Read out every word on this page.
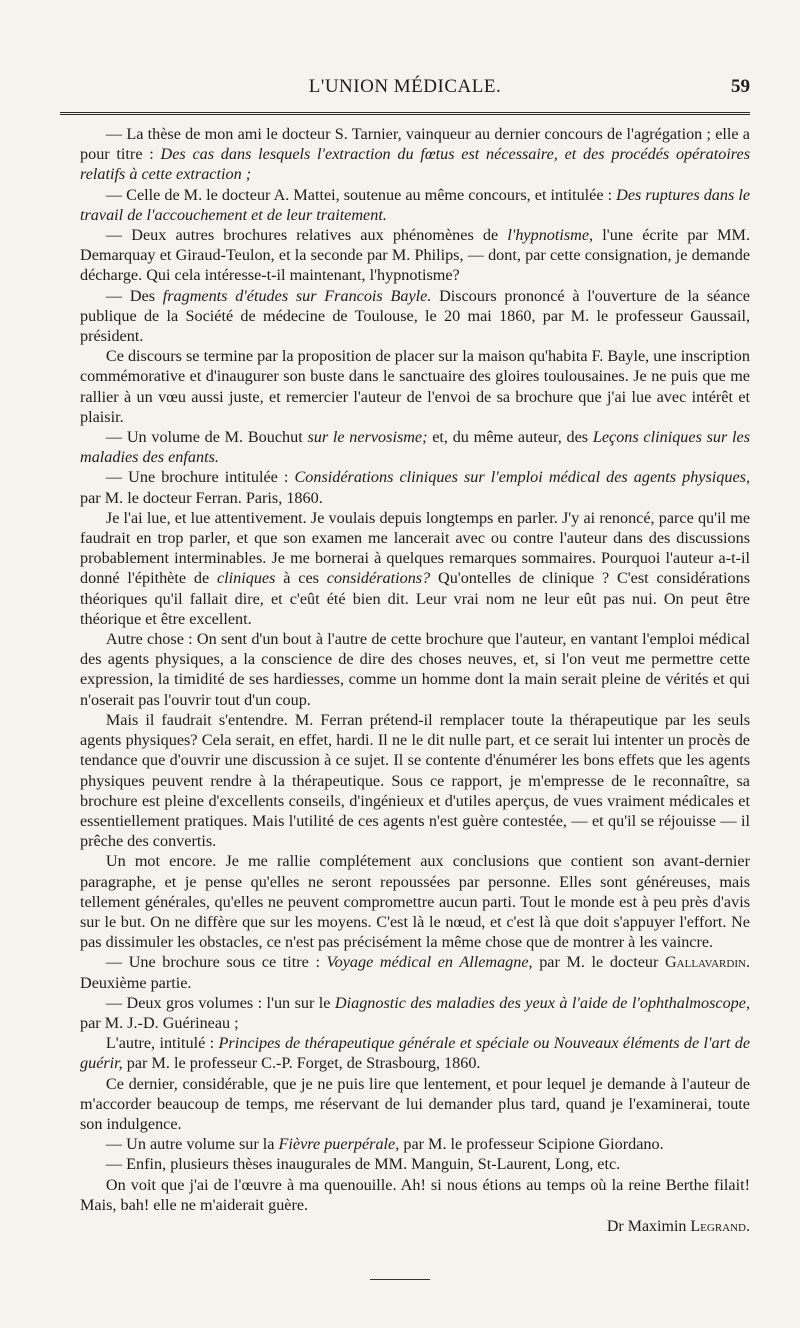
L'UNION MÉDICALE.	59

— La thèse de mon ami le docteur S. Tarnier, vainqueur au dernier concours de l'agrégation ; elle a pour titre : Des cas dans lesquels l'extraction du fœtus est nécessaire, et des procédés opératoires relatifs à cette extraction ;

— Celle de M. le docteur A. Mattei, soutenue au même concours, et intitulée : Des ruptures dans le travail de l'accouchement et de leur traitement.

— Deux autres brochures relatives aux phénomènes de l'hypnotisme, l'une écrite par MM. Demarquay et Giraud-Teulon, et la seconde par M. Philips, — dont, par cette consignation, je demande décharge. Qui cela intéresse-t-il maintenant, l'hypnotisme?

— Des fragments d'études sur Francois Bayle. Discours prononcé à l'ouverture de la séance publique de la Société de médecine de Toulouse, le 20 mai 1860, par M. le professeur Gaussail, président.

Ce discours se termine par la proposition de placer sur la maison qu'habita F. Bayle, une inscription commémorative et d'inaugurer son buste dans le sanctuaire des gloires toulousaines. Je ne puis que me rallier à un vœu aussi juste, et remercier l'auteur de l'envoi de sa brochure que j'ai lue avec intérêt et plaisir.

— Un volume de M. Bouchut sur le nervosisme; et, du même auteur, des Leçons cliniques sur les maladies des enfants.

— Une brochure intitulée : Considérations cliniques sur l'emploi médical des agents physiques, par M. le docteur Ferran. Paris, 1860.

Je l'ai lue, et lue attentivement. Je voulais depuis longtemps en parler. J'y ai renoncé, parce qu'il me faudrait en trop parler, et que son examen me lancerait avec ou contre l'auteur dans des discussions probablement interminables. Je me bornerai à quelques remarques sommaires. Pourquoi l'auteur a-t-il donné l'épithète de cliniques à ces considérations? Qu'ontelles de clinique ? C'est considérations théoriques qu'il fallait dire, et c'eût été bien dit. Leur vrai nom ne leur eût pas nui. On peut être théorique et être excellent.

Autre chose : On sent d'un bout à l'autre de cette brochure que l'auteur, en vantant l'emploi médical des agents physiques, a la conscience de dire des choses neuves, et, si l'on veut me permettre cette expression, la timidité de ses hardiesses, comme un homme dont la main serait pleine de vérités et qui n'oserait pas l'ouvrir tout d'un coup.

Mais il faudrait s'entendre. M. Ferran prétend-il remplacer toute la thérapeutique par les seuls agents physiques? Cela serait, en effet, hardi. Il ne le dit nulle part, et ce serait lui intenter un procès de tendance que d'ouvrir une discussion à ce sujet. Il se contente d'énumérer les bons effets que les agents physiques peuvent rendre à la thérapeutique. Sous ce rapport, je m'empresse de le reconnaître, sa brochure est pleine d'excellents conseils, d'ingénieux et d'utiles aperçus, de vues vraiment médicales et essentiellement pratiques. Mais l'utilité de ces agents n'est guère contestée, — et qu'il se réjouisse — il prêche des convertis.

Un mot encore. Je me rallie complétement aux conclusions que contient son avant-dernier paragraphe, et je pense qu'elles ne seront repoussées par personne. Elles sont généreuses, mais tellement générales, qu'elles ne peuvent compromettre aucun parti. Tout le monde est à peu près d'avis sur le but. On ne diffère que sur les moyens. C'est là le nœud, et c'est là que doit s'appuyer l'effort. Ne pas dissimuler les obstacles, ce n'est pas précisément la même chose que de montrer à les vaincre.

— Une brochure sous ce titre : Voyage médical en Allemagne, par M. le docteur Gallavardin. Deuxième partie.

— Deux gros volumes : l'un sur le Diagnostic des maladies des yeux à l'aide de l'ophthalmoscope, par M. J.-D. Guérineau ;

L'autre, intitulé : Principes de thérapeutique générale et spéciale ou Nouveaux éléments de l'art de guérir, par M. le professeur C.-P. Forget, de Strasbourg, 1860.

Ce dernier, considérable, que je ne puis lire que lentement, et pour lequel je demande à l'auteur de m'accorder beaucoup de temps, me réservant de lui demander plus tard, quand je l'examinerai, toute son indulgence.

— Un autre volume sur la Fièvre puerpérale, par M. le professeur Scipione Giordano.

— Enfin, plusieurs thèses inaugurales de MM. Manguin, St-Laurent, Long, etc.

On voit que j'ai de l'œuvre à ma quenouille. Ah! si nous étions au temps où la reine Berthe filait! Mais, bah! elle ne m'aiderait guère.

Dr Maximin Legrand.
